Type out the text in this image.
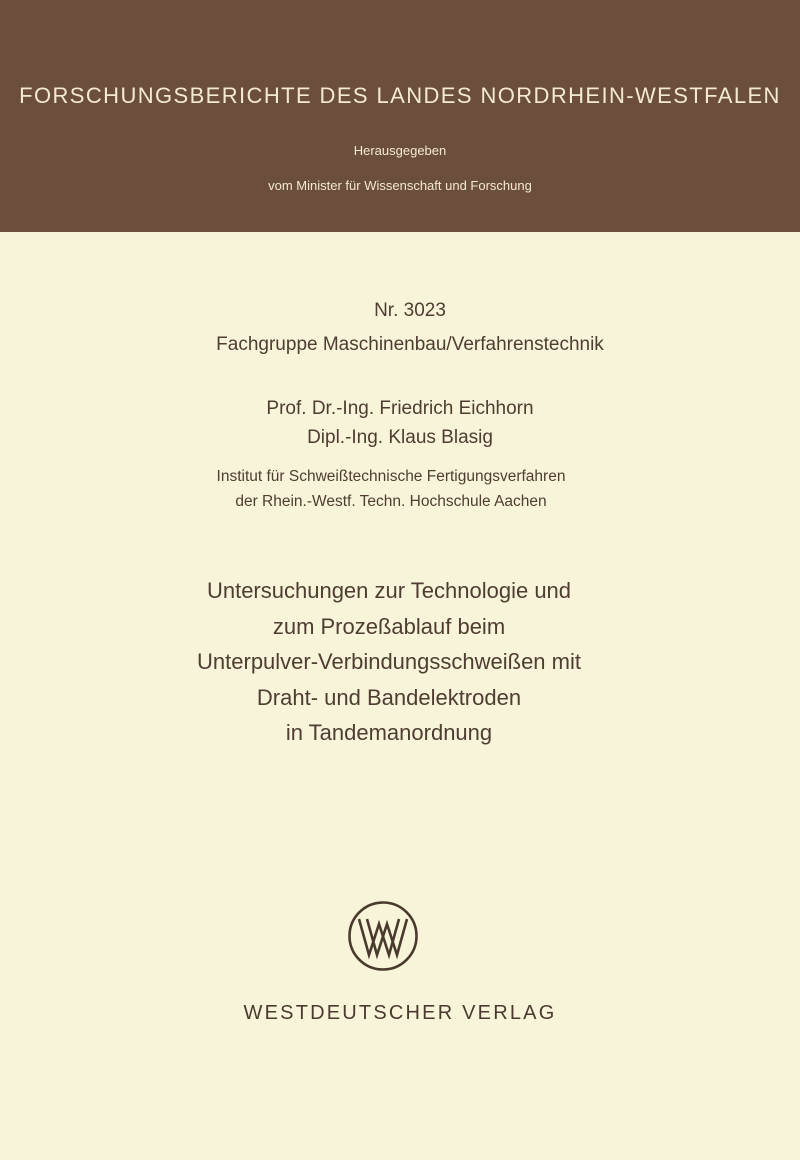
FORSCHUNGSBERICHTE DES LANDES NORDRHEIN-WESTFALEN
Herausgegeben
vom Minister für Wissenschaft und Forschung
Nr. 3023
Fachgruppe Maschinenbau/Verfahrenstechnik
Prof. Dr.-Ing. Friedrich Eichhorn
Dipl.-Ing. Klaus Blasig
Institut für Schweißtechnische Fertigungsverfahren
der Rhein.-Westf. Techn. Hochschule Aachen
Untersuchungen zur Technologie und
zum Prozeßablauf beim
Unterpulver-Verbindungsschweißen mit
Draht- und Bandelektroden
in Tandemanordnung
WESTDEUTSCHER VERLAG
